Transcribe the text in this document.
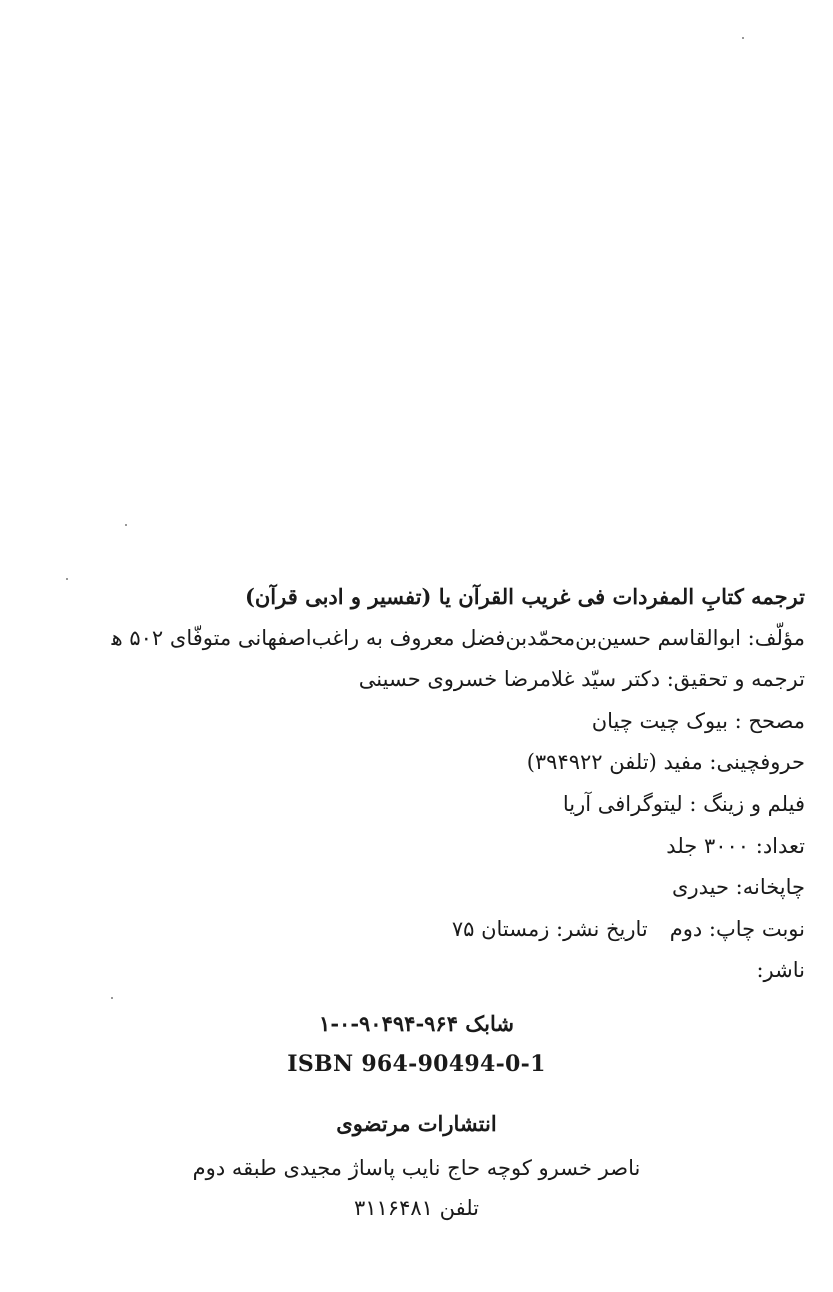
ترجمه کتابِ المفردات فی غریب القرآن یا (تفسیر و ادبی قرآن)
مؤلّف: ابوالقاسم حسین‌بن‌محمّدبن‌فضل معروف به راغب‌اصفهانی متوفّای ۵۰۲ ﻫ
ترجمه و تحقیق: دکتر سیّد غلامرضا خسروی حسینی
مصحح : بیوک چیت چیان
حروفچینی: مفید (تلفن ۳۹۴۹۲۲)
فیلم و زینگ : لیتوگرافی آریا
تعداد: ۳۰۰۰ جلد
چاپخانه: حیدری
نوبت چاپ: دومتاریخ نشر: زمستان ۷۵
ناشر:
شابک ۹۶۴-۹۰۴۹۴-۰-۱
ISBN 964-90494-0-1
انتشارات مرتضوی
ناصر خسرو کوچه حاج نایب پاساژ مجیدی طبقه دوم
تلفن ۳۱۱۶۴۸۱
